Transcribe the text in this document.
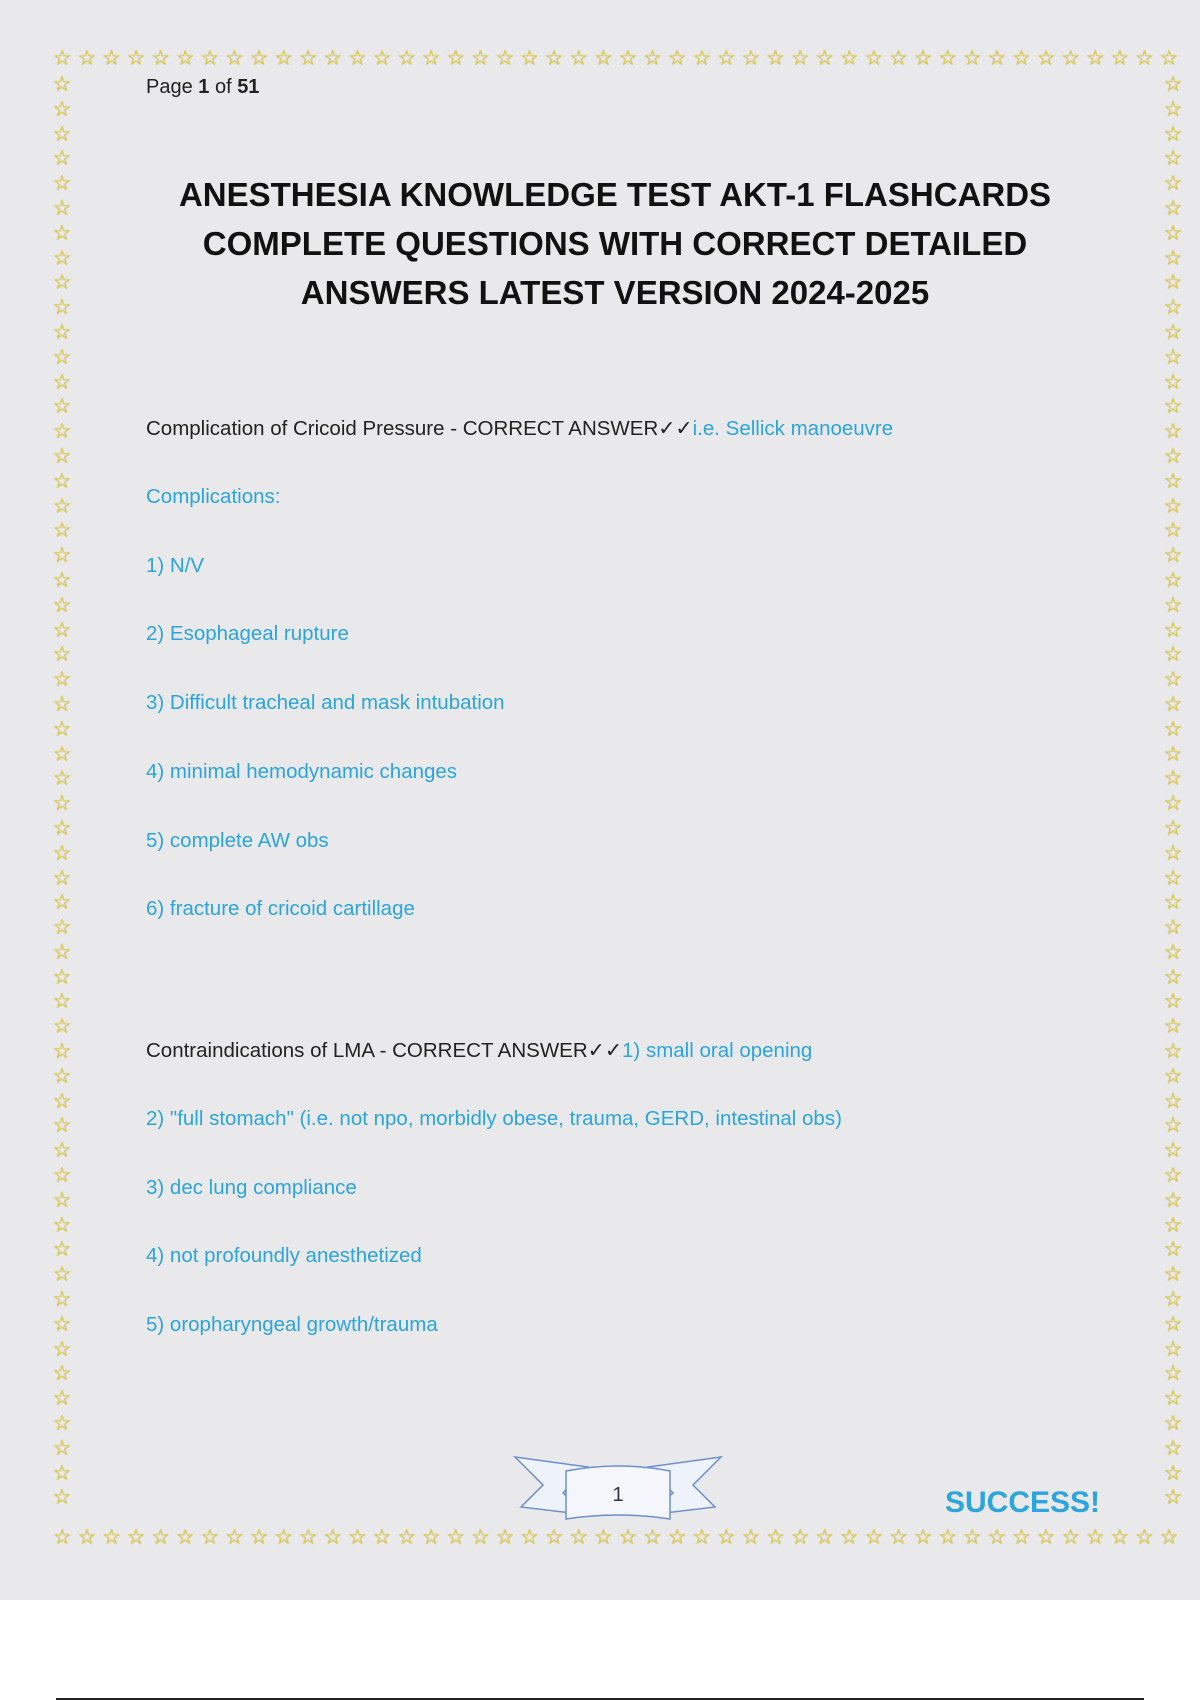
☆ ☆ ☆ ☆ ☆ ☆ ☆ ☆ ☆ ☆ ☆ ☆ ☆ ☆ ☆ ☆ ☆ ☆ ☆ ☆ ☆ ☆ ☆ ☆ ☆ ☆ ☆ ☆ ☆ ☆ ☆ ☆ ☆ ☆ ☆ ☆ ☆ ☆ ☆ ☆ ☆ ☆ ☆ ☆ ☆ ☆
☆ ☆ ☆ ☆ ☆ ☆ ☆ ☆ ☆ ☆ ☆ ☆ ☆ ☆ ☆ ☆ ☆ ☆ ☆ ☆ ☆ ☆ ☆ ☆ ☆ ☆ ☆ ☆ ☆ ☆ ☆ ☆ ☆ ☆ ☆ ☆ ☆ ☆ ☆ ☆ ☆ ☆ ☆ ☆ ☆ ☆
☆
☆
☆
☆
☆
☆
☆
☆
☆
☆
☆
☆
☆
☆
☆
☆
☆
☆
☆
☆
☆
☆
☆
☆
☆
☆
☆
☆
☆
☆
☆
☆
☆
☆
☆
☆
☆
☆
☆
☆
☆
☆
☆
☆
☆
☆
☆
☆
☆
☆
☆
☆
☆
☆
☆
☆
☆
☆
☆
☆
☆
☆
☆
☆
☆
☆
☆
☆
☆
☆
☆
☆
☆
☆
☆
☆
☆
☆
☆
☆
☆
☆
☆
☆
☆
☆
☆
☆
☆
☆
☆
☆
☆
☆
☆
☆
☆
☆
☆
☆
☆
☆
☆
☆
☆
☆
☆
☆
☆
☆
☆
☆
☆
☆
☆
☆
Page 1 of 51
ANESTHESIA KNOWLEDGE TEST AKT-1 FLASHCARDS
COMPLETE QUESTIONS WITH CORRECT DETAILED
ANSWERS LATEST VERSION 2024-2025
Complication of Cricoid Pressure - CORRECT ANSWER✓✓i.e. Sellick manoeuvre
Complications:
1) N/V
2) Esophageal rupture
3) Difficult tracheal and mask intubation
4) minimal hemodynamic changes
5) complete AW obs
6) fracture of cricoid cartillage
Contraindications of LMA - CORRECT ANSWER✓✓1) small oral opening
2) "full stomach" (i.e. not npo, morbidly obese, trauma, GERD, intestinal obs)
3) dec lung compliance
4) not profoundly anesthetized
5) oropharyngeal growth/trauma
1	SUCCESS!
